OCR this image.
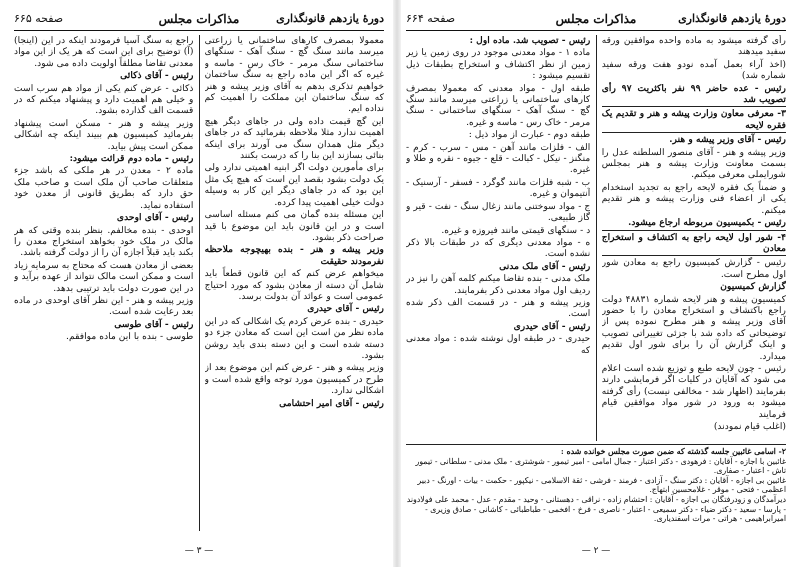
دورهٔ یازدهم قانونگذاری
مذاکرات مجلس
صفحه ۶۶۵

معمولا بمصرف کارهای ساختمانی یا زراعتی میرسد مانند سنگ گچ - سنگ آهک - سنگهای ساختمانی سنگ مرمر - خاک رس - ماسه و غیره که اگر این ماده راجع به سنگ ساختمان خواهیم تذکری بدهم به آقای وزیر پیشه و هنر که سنگ ساختمان این مملکت را اهمیت کم نداده ایم.

این گچ قیمت داده ولی در جاهای دیگر هیچ اهمیت ندارد مثلا ملاحظه بفرمائید که در جاهای دیگر مثل همدان سنگ می آورند برای اینکه بنائی بسازند این بنا را که درست بکنند

برای مأمورین دولت اگر ابنیه اهمیتی ندارد ولی یک دولت بشود بقصد این است که هیچ یک مثل این بود که در جاهای دیگر این کار به وسیله دولت خیلی اهمیت پیدا کرده.

این مسئله بنده گمان می کنم مسئله اساسی است و در این قانون باید این موضوع با قید صراحت ذکر بشود.

وزیر پیشه و هنر - بنده بهیچوجه ملاحظه نفرمودند حقیقت

میخواهم عرض کنم که این قانون قطعاً باید شامل آن دسته از معادن بشود که مورد احتیاج عمومی است و عوائد آن بدولت برسد.

رئیس - آقای حیدری

حیدری - بنده عرض کردم یک اشکالی که در این ماده نظر من است این است که معادن جزء دو دسته شده است و این دسته بندی باید روشن بشود.

وزیر پیشه و هنر - عرض کنم این موضوع بعد از طرح در کمیسیون مورد توجه واقع شده است و اشکالی ندارد.

رئیس - آقای امیر احتشامی

راجع به سنگ آسیا فرمودند اینکه در این (اینجا) (آ) توضیح برای این است که هر یک از این مواد معدنی تقاضا مطلقاً اولویت داده می شود.

رئیس - آقای ذکائی

ذکائی - عرض کنم یکی از مواد هم سرب است و خیلی هم اهمیت دارد و پیشنهاد میکنم که در قسمت الف گذارده بشود.

وزیر پیشه و هنر - مسکن است پیشنهاد بفرمائید کمیسیون هم ببیند اینکه چه اشکالی ممکن است پیش بیاید.

رئیس - ماده دوم قرائت میشود:

ماده ۲ - معدن در هر ملکی که باشد جزء متعلقات صاحب آن ملک است و صاحب ملک حق دارد که بطریق قانونی از معدن خود استفاده نماید.

رئیس - آقای اوحدی

اوحدی - بنده مخالفم. بنظر بنده وقتی که هر مالک در ملک خود بخواهد استخراج معدن را بکند باید قبلاً اجازه آن را از دولت گرفته باشد.

بعضی از معادن هست که محتاج به سرمایه زیاد است و ممکن است مالک نتواند از عهده برآید و در این صورت دولت باید ترتیبی بدهد.

وزیر پیشه و هنر - این نظر آقای اوحدی در ماده بعد رعایت شده است.

رئیس - آقای طوسی

طوسی - بنده با این ماده موافقم.

— ۳ —
دورهٔ یازدهم قانونگذاری
مذاکرات مجلس
صفحه ۶۶۴

رأی گرفته میشود به ماده واحده موافقین ورقه سفید میدهند

(اخذ آراء بعمل آمده نودو هفت ورقه سفید شماره شد)

رئیس - عده حاضر ۹۹ نفر باکثریت ۹۷ رأی تصویب شد

۳- معرفی معاون وزارت پیشه و هنر و تقدیم یک فقره لایحه

رئیس - آقای وزیر پیشه و هنر.

وزیر پیشه و هنر - آقای منصور السلطنه عدل را بسمت معاونت وزارت پیشه و هنر بمجلس شورایملی معرفی میکنم.

و ضمناً یک فقره لایحه راجع به تجدید استخدام یکی از اعضاء فنی وزارت پیشه و هنر تقدیم میکنم.

رئیس - بکمیسیون مربوطه ارجاع میشود.

۴- شور اول لایحه راجع به اکتشاف و استخراج معادن

رئیس - گزارش کمیسیون راجع به معادن شور اول مطرح است.

گزارش کمیسیون

کمیسیون پیشه و هنر لایحه شماره ۴۸۸۳۱ دولت راجع باکتشاف و استخراج معادن را با حضور آقای وزیر پیشه و هنر مطرح نموده پس از توضیحاتی که داده شد با جزئی تغییراتی تصویب و اینک گزارش آن را برای شور اول تقدیم میدارد.

رئیس - چون لایحه طبع و توزیع شده است اعلام می شود که آقایان در کلیات اگر فرمایشی دارند بفرمایند (اظهار شد - مخالفی نیست) رأی گرفته میشود به ورود در شور مواد موافقین قیام فرمایند

(اغلب قیام نمودند)

رئیس - تصویب شد. ماده اول :

ماده ۱ - مواد معدنی موجود در روی زمین یا زیر زمین از نظر اکتشاف و استخراج بطبقات ذیل تقسیم میشود :

طبقه اول - مواد معدنی که معمولا بمصرف کارهای ساختمانی یا زراعتی میرسد مانند سنگ گچ - سنگ آهک - سنگهای ساختمانی - سنگ مرمر - خاک رس - ماسه و غیره.

طبقه دوم - عبارت از مواد ذیل :

الف - فلزات مانند آهن - مس - سرب - کرم - منگنز - نیکل - کبالت - قلع - جیوه - نقره و طلا و غیره.

ب - شبه فلزات مانند گوگرد - فسفر - آرسنیک - آنتیموان و غیره.

ج - مواد سوختنی مانند زغال سنگ - نفت - قیر و گاز طبیعی.

د - سنگهای قیمتی مانند فیروزه و غیره.

ه - مواد معدنی دیگری که در طبقات بالا ذکر نشده است.

رئیس - آقای ملک مدنی

ملک مدنی - بنده تقاضا میکنم کلمه آهن را نیز در ردیف اول مواد معدنی ذکر بفرمایند.

وزیر پیشه و هنر - در قسمت الف ذکر شده است.

رئیس - آقای حیدری

حیدری - در طبقه اول نوشته شده : مواد معدنی که

۲- اسامی غائبین جلسه گذشته که ضمن صورت مجلس خوانده شده :

غائبین با اجازه - آقایان : فرهودی - دکتر اعتبار - جمال امامی - امیر تیمور - شوشتری - ملک مدنی - سلطانی - تیمور تاش - اعتبار - صفاری.

غائبین بی اجازه - آقایان : دکتر سنگ - آزادی - فرمند - فرشی - ثقة الاسلامی - نیکپور - حکمت - بیات - اورنگ - دبیر اعظمی - فتحی - موقر - غلامحسین ابتهاج.

دیرآمدگان و زودرفتگان بی اجازه - آقایان : احتشام زاده - نراقی - دهستانی - وحید - مقدم - عدل - محمد علی فولادوند - پارسا - سعید - دکتر ضیاء - دکتر سمیعی - اعتبار - ناصری - فرخ - افخمی - طباطبائی - کاشانی - صادق وزیری - امیرابراهیمی - هراتی - مرات اسفندیاری.

— ۲ —
